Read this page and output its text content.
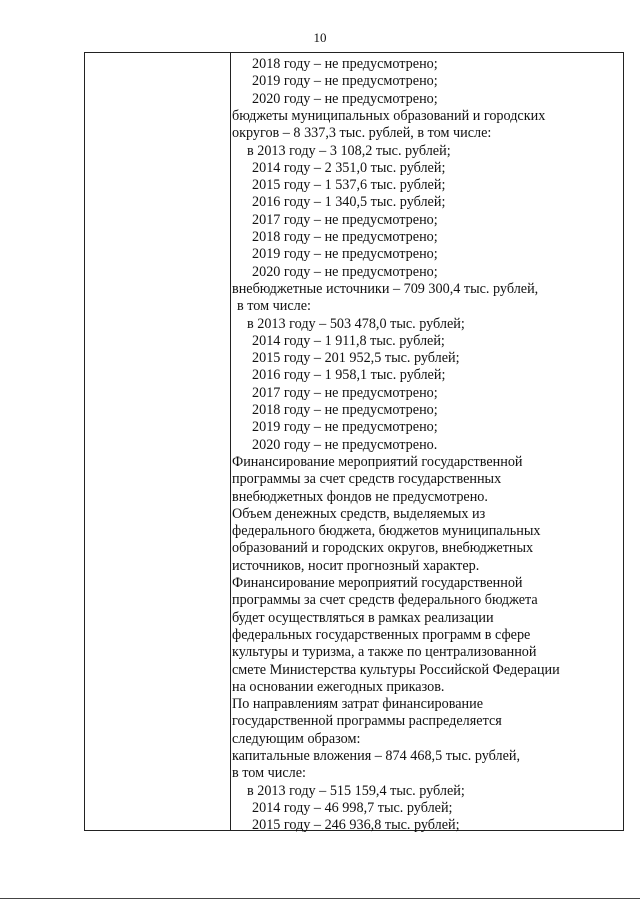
10
2018 году – не предусмотрено;
2019 году – не предусмотрено;
2020 году – не предусмотрено;
бюджеты муниципальных образований и городских
округов – 8 337,3 тыс. рублей, в том числе:
в 2013 году – 3 108,2 тыс. рублей;
2014 году – 2 351,0 тыс. рублей;
2015 году – 1 537,6 тыс. рублей;
2016 году – 1 340,5 тыс. рублей;
2017 году – не предусмотрено;
2018 году – не предусмотрено;
2019 году – не предусмотрено;
2020 году – не предусмотрено;
внебюджетные источники – 709 300,4 тыс. рублей,
в том числе:
в 2013 году – 503 478,0 тыс. рублей;
2014 году – 1 911,8 тыс. рублей;
2015 году – 201 952,5 тыс. рублей;
2016 году – 1 958,1 тыс. рублей;
2017 году – не предусмотрено;
2018 году – не предусмотрено;
2019 году – не предусмотрено;
2020 году – не предусмотрено.
Финансирование мероприятий государственной
программы за счет средств государственных
внебюджетных фондов не предусмотрено.
Объем денежных средств, выделяемых из
федерального бюджета, бюджетов муниципальных
образований и городских округов, внебюджетных
источников, носит прогнозный характер.
Финансирование мероприятий государственной
программы за счет средств федерального бюджета
будет осуществляться в рамках реализации
федеральных государственных программ в сфере
культуры и туризма, а также по централизованной
смете Министерства культуры Российской Федерации
на основании ежегодных приказов.
По направлениям затрат финансирование
государственной программы распределяется
следующим образом:
капитальные вложения – 874 468,5 тыс. рублей,
в том числе:
в 2013 году – 515 159,4 тыс. рублей;
2014 году – 46 998,7 тыс. рублей;
2015 году – 246 936,8 тыс. рублей;
